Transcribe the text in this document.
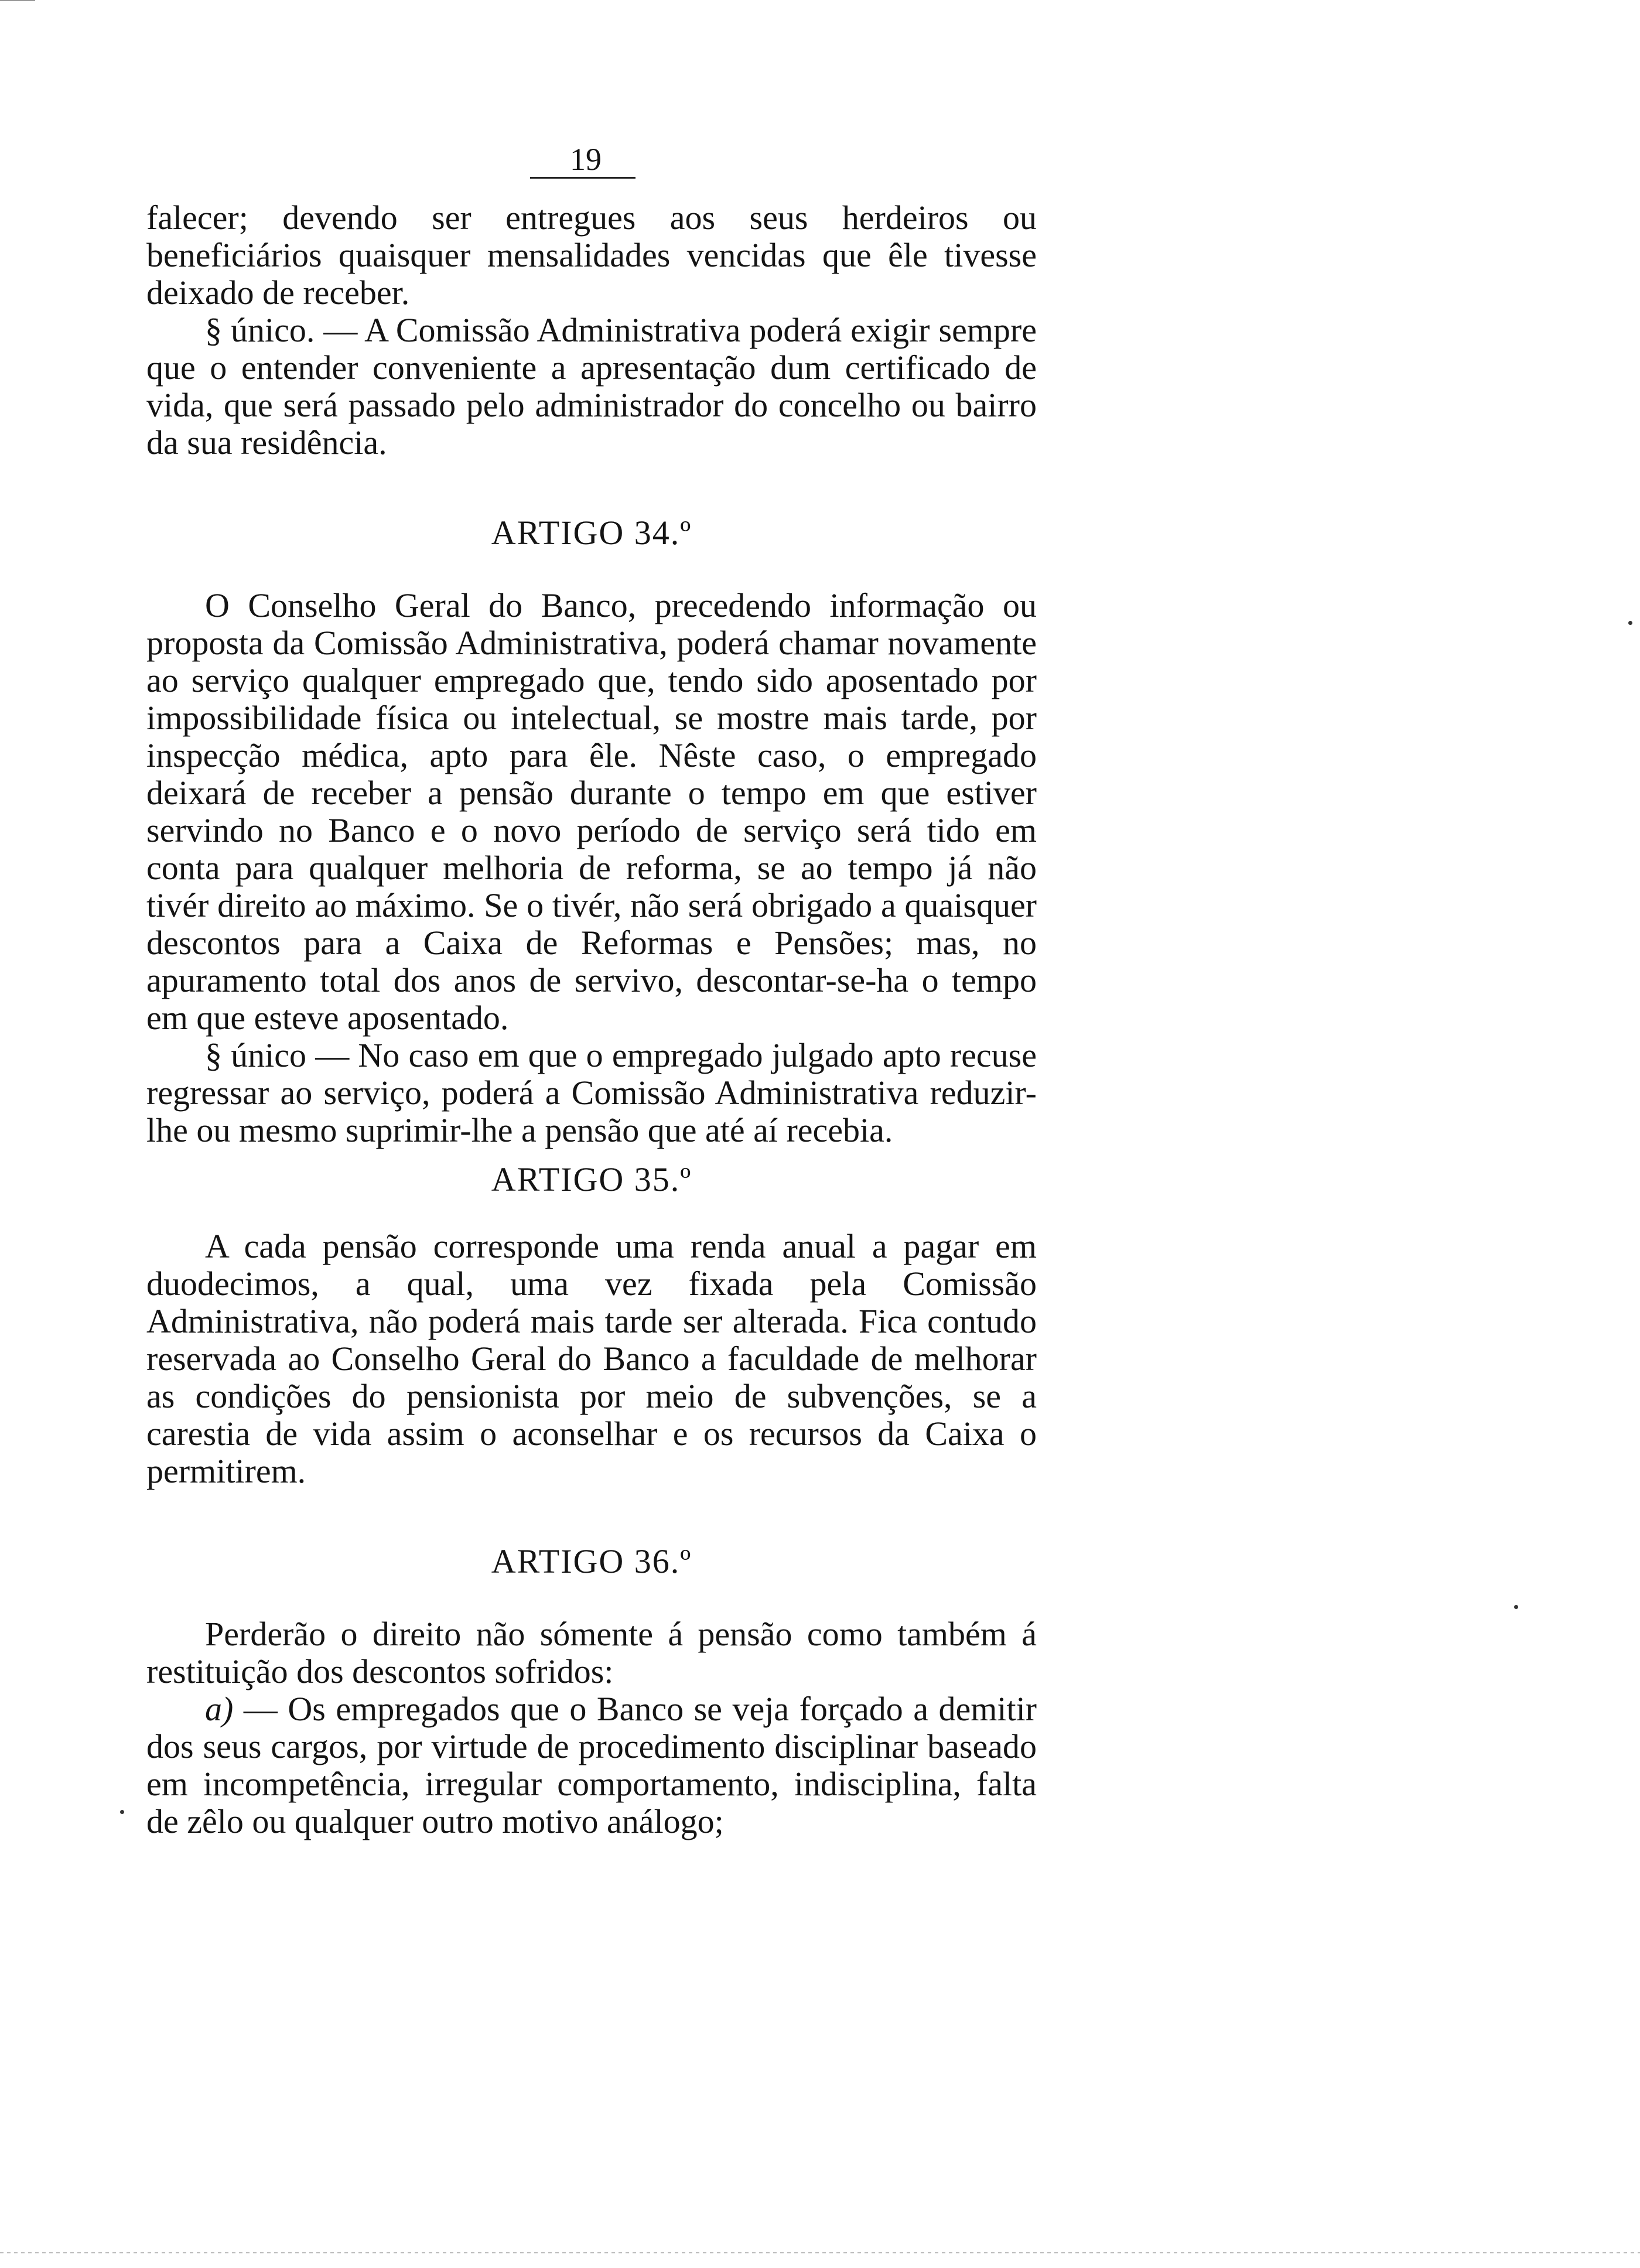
19

falecer; devendo ser entregues aos seus herdeiros ou beneficiários quaisquer mensalidades vencidas que êle tivesse deixado de receber.

§ único. — A Comissão Administrativa poderá exigir sempre que o entender conveniente a apresentação dum certificado de vida, que será passado pelo administrador do concelho ou bairro da sua residência.

ARTIGO 34.º

O Conselho Geral do Banco, precedendo informação ou proposta da Comissão Administrativa, poderá chamar novamente ao serviço qualquer empregado que, tendo sido aposentado por impossibilidade física ou intelectual, se mostre mais tarde, por inspecção médica, apto para êle. Nêste caso, o empregado deixará de receber a pensão durante o tempo em que estiver servindo no Banco e o novo período de serviço será tido em conta para qualquer melhoria de reforma, se ao tempo já não tivér direito ao máximo. Se o tivér, não será obrigado a quaisquer descontos para a Caixa de Reformas e Pensões; mas, no apuramento total dos anos de servivo, descontar-se-ha o tempo em que esteve aposentado.

§ único — No caso em que o empregado julgado apto recuse regressar ao serviço, poderá a Comissão Administrativa reduzir-lhe ou mesmo suprimir-lhe a pensão que até aí recebia.

ARTIGO 35.º

A cada pensão corresponde uma renda anual a pagar em duodecimos, a qual, uma vez fixada pela Comissão Administrativa, não poderá mais tarde ser alterada. Fica contudo reservada ao Conselho Geral do Banco a faculdade de melhorar as condições do pensionista por meio de subvenções, se a carestia de vida assim o aconselhar e os recursos da Caixa o permitirem.

ARTIGO 36.º

Perderão o direito não sómente á pensão como também á restituição dos descontos sofridos:

a) — Os empregados que o Banco se veja forçado a demitir dos seus cargos, por virtude de procedimento disciplinar baseado em incompetência, irregular comportamento, indisciplina, falta de zêlo ou qualquer outro motivo análogo;
